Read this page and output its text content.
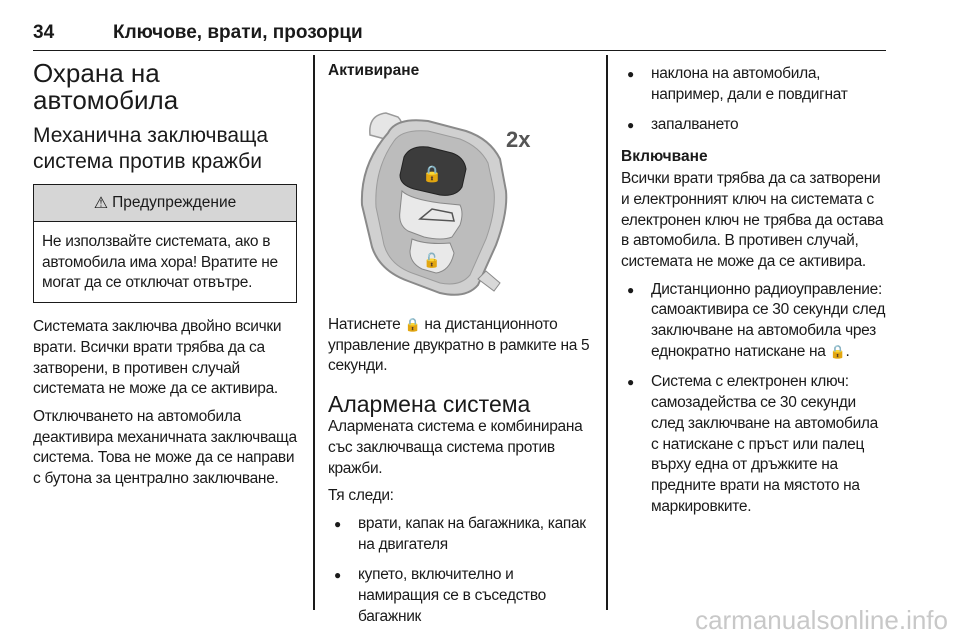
34	Ключове, врати, прозорци
Охрана на автомобила
Механична заключваща система против кражби
⚠ Предупреждение
Не използвайте системата, ако в автомобила има хора! Вратите не могат да се отключат отвътре.

Системата заключва двойно всички врати. Всички врати трябва да са затворени, в противен случай системата не може да се активира.

Отключването на автомобила деактивира механичната заключваща система. Това не може да се направи с бутона за централно заключване.

Активиране
🔒
🔓
2x

Натиснете 🔒 на дистанционното управление двукратно в рамките на 5 секунди.

Алармена система

Алармената система е комбинирана със заключваща система против кражби.

Тя следи:

● врати, капак на багажника, капак на двигателя
● купето, включително и намиращия се в съседство багажник
● наклона на автомобила, например, дали е повдигнат
● запалването
Включване

Всички врати трябва да са затворени и електронният ключ на системата с електронен ключ не трябва да остава в автомобила. В противен случай, системата не може да се активира.

● Дистанционно радиоуправление: самоактивира се 30 секунди след заключване на автомобила чрез еднократно натискане на 🔒.
● Система с електронен ключ: самозадейства се 30 секунди след заключване на автомобила с натискане с пръст или палец върху една от дръжките на предните врати на мястото на маркировките.
carmanualsonline.info
